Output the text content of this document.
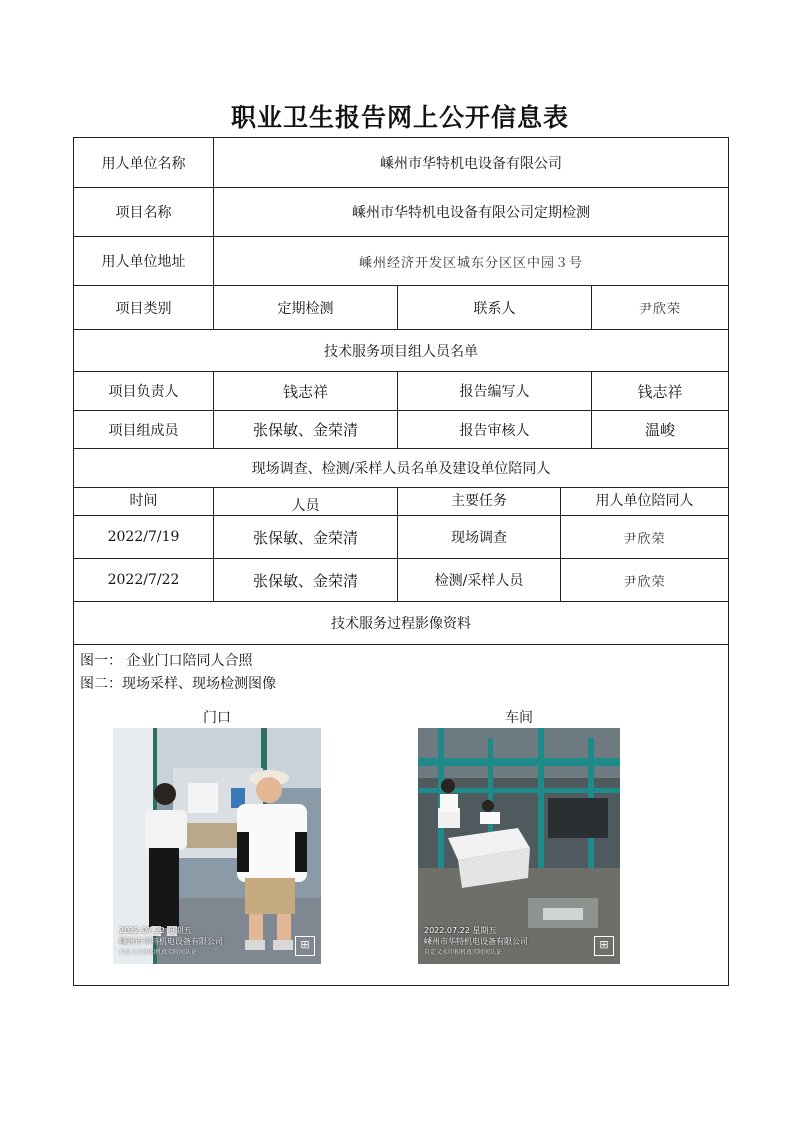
职业卫生报告网上公开信息表
用人单位名称	嵊州市华特机电设备有限公司
项目名称	嵊州市华特机电设备有限公司定期检测
用人单位地址	嵊州经济开发区城东分区区中园３号
项目类别	定期检测	联系人	尹欣荣
技术服务项目组人员名单
项目负责人	钱志祥	报告编写人	钱志祥
项目组成员	张保敏、金荣清	报告审核人	温峻
现场调查、检测/采样人员名单及建设单位陪同人
时间	人员	主要任务	用人单位陪同人
2022/7/19	张保敏、金荣清	现场调查	尹欣荣
2022/7/22	张保敏、金荣清	检测/采样人员	尹欣荣
技术服务过程影像资料
图一： 企业门口陪同人合照
图二：现场采样、现场检测图像
门口	车间
2022.07.22 星期五
嵊州市华特机电设备有限公司
自定义水印相机真实时间认证
⊞
2022.07.22 星期五
嵊州市华特机电设备有限公司
自定义水印相机真实时间认证
⊞
